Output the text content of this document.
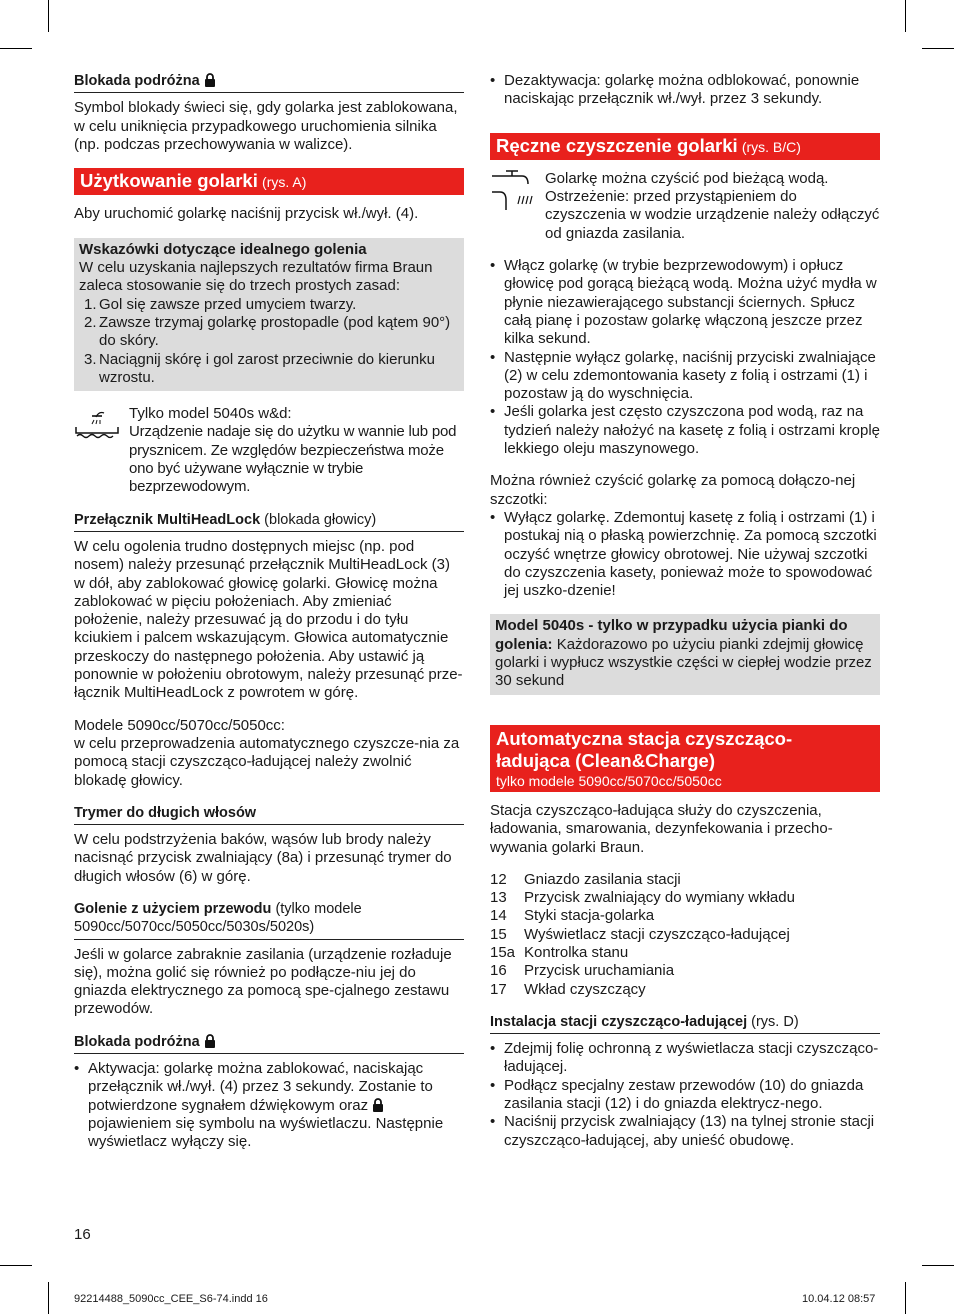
Blokada podróżna

Symbol blokady świeci się, gdy golarka jest zablokowana, w celu uniknięcia przypadkowego uruchomienia silnika (np. podczas przechowywania w walizce).

Użytkowanie golarki (rys. A)

Aby uruchomić golarkę naciśnij przycisk wł./wył. (4).

Wskazówki dotyczące idealnego golenia
W celu uzyskania najlepszych rezultatów firma Braun zaleca stosowanie się do trzech prostych zasad:
1. Gol się zawsze przed umyciem twarzy.
2. Zawsze trzymaj golarkę prostopadle (pod kątem 90°) do skóry.
3. Naciągnij skórę i gol zarost przeciwnie do kierunku wzrostu.
Tylko model 5040s w&d:
Urządzenie nadaje się do użytku w wannie lub pod prysznicem. Ze względów bezpieczeństwa może ono być używane wyłącznie w trybie bezprzewodowym.
Przełącznik MultiHeadLock (blokada głowicy)

W celu ogolenia trudno dostępnych miejsc (np. pod nosem) należy przesunąć przełącznik MultiHeadLock (3) w dół, aby zablokować głowicę golarki. Głowicę można zablokować w pięciu położeniach. Aby zmieniać położenie, należy przesuwać ją do przodu i do tyłu kciukiem i palcem wskazującym. Głowica automatycznie przeskoczy do następnego położenia. Aby ustawić ją ponownie w położeniu obrotowym, należy przesunąć prze-łącznik MultiHeadLock z powrotem w górę.

Modele 5090cc/5070cc/5050cc:
w celu przeprowadzenia automatycznego czyszcze-nia za pomocą stacji czyszcząco-ładującej należy zwolnić blokadę głowicy.

Trymer do długich włosów

W celu podstrzyżenia baków, wąsów lub brody należy nacisnąć przycisk zwalniający (8a) i przesunąć trymer do długich włosów (6) w górę.

Golenie z użyciem przewodu (tylko modele 5090cc/5070cc/5050cc/5030s/5020s)

Jeśli w golarce zabraknie zasilania (urządzenie rozładuje się), można golić się również po podłącze-niu jej do gniazda elektrycznego za pomocą spe-cjalnego zestawu przewodów.

Blokada podróżna
• Aktywacja: golarkę można zablokować, naciskając przełącznik wł./wył. (4) przez 3 sekundy. Zostanie to potwierdzone sygnałem dźwiękowym oraz  pojawieniem się symbolu na wyświetlaczu. Następnie wyświetlacz wyłączy się.
• Dezaktywacja: golarkę można odblokować, ponownie naciskając przełącznik wł./wył. przez 3 sekundy.
Ręczne czyszczenie golarki (rys. B/C)
Golarkę można czyścić pod bieżącą wodą. Ostrzeżenie: przed przystąpieniem do czyszczenia w wodzie urządzenie należy odłączyć od gniazda zasilania.
• Włącz golarkę (w trybie bezprzewodowym) i opłucz głowicę pod gorącą bieżącą wodą. Można użyć mydła w płynie niezawierającego substancji ściernych. Spłucz całą pianę i pozostaw golarkę włączoną jeszcze przez kilka sekund.
• Następnie wyłącz golarkę, naciśnij przyciski zwalniające (2) w celu zdemontowania kasety z folią i ostrzami (1) i pozostaw ją do wyschnięcia.
• Jeśli golarka jest często czyszczona pod wodą, raz na tydzień należy nałożyć na kasetę z folią i ostrzami kroplę lekkiego oleju maszynowego.
Można również czyścić golarkę za pomocą dołączo-nej szczotki:
• Wyłącz golarkę. Zdemontuj kasetę z folią i ostrzami (1) i postukaj nią o płaską powierzchnię. Za pomocą szczotki oczyść wnętrze głowicy obrotowej. Nie używaj szczotki do czyszczenia kasety, ponieważ może to spowodować jej uszko-dzenie!
Model 5040s - tylko w przypadku użycia pianki do golenia: Każdorazowo po użyciu pianki zdejmij głowicę golarki i wypłucz wszystkie części w ciepłej wodzie przez 30 sekund
Automatyczna stacja czyszcząco-
ładująca (Clean&Charge)
tylko modele 5090cc/5070cc/5050cc

Stacja czyszcząco-ładująca służy do czyszczenia, ładowania, smarowania, dezynfekowania i przecho-wywania golarki Braun.

12	Gniazdo zasilania stacji
13	Przycisk zwalniający do wymiany wkładu
14	Styki stacja-golarka
15	Wyświetlacz stacji czyszcząco-ładującej
15a Kontrolka stanu
16	Przycisk uruchamiania
17	Wkład czyszczący
Instalacja stacji czyszcząco-ładującej (rys. D)
• Zdejmij folię ochronną z wyświetlacza stacji czyszcząco-ładującej.
• Podłącz specjalny zestaw przewodów (10) do gniazda zasilania stacji (12) i do gniazda elektrycz-nego.
• Naciśnij przycisk zwalniający (13) na tylnej stronie stacji czyszcząco-ładującej, aby unieść obudowę.
16
92214488_5090cc_CEE_S6-74.indd 16	10.04.12 08:57
